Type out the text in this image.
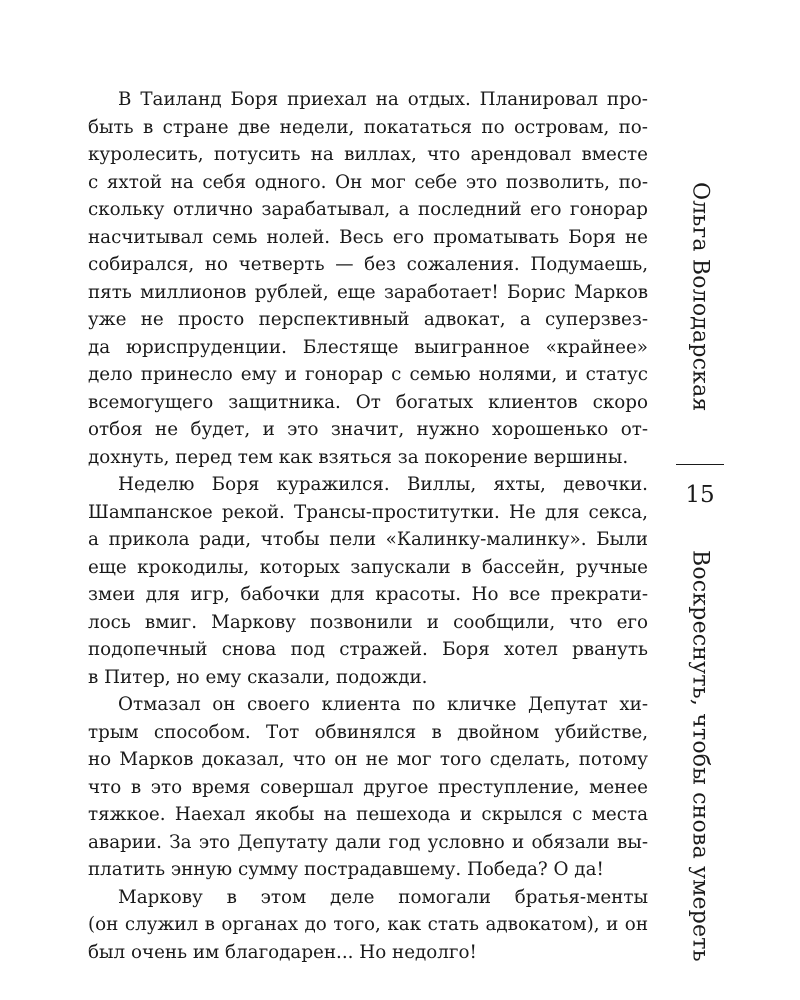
В Таиланд Боря приехал на отдых. Планировал про-
быть в стране две недели, покататься по островам, по-
куролесить, потусить на виллах, что арендовал вместе
с яхтой на себя одного. Он мог себе это позволить, по-
скольку отлично зарабатывал, а последний его гонорар
насчитывал семь нолей. Весь его проматывать Боря не
собирался, но четверть — без сожаления. Подумаешь,
пять миллионов рублей, еще заработает! Борис Марков
уже не просто перспективный адвокат, а суперзвез-
да юриспруденции. Блестяще выигранное «крайнее»
дело принесло ему и гонорар с семью нолями, и статус
всемогущего защитника. От богатых клиентов скоро
отбоя не будет, и это значит, нужно хорошенько от-
дохнуть, перед тем как взяться за покорение вершины.
Неделю Боря куражился. Виллы, яхты, девочки.
Шампанское рекой. Трансы-проститутки. Не для секса,
а прикола ради, чтобы пели «Калинку-малинку». Были
еще крокодилы, которых запускали в бассейн, ручные
змеи для игр, бабочки для красоты. Но все прекрати-
лось вмиг. Маркову позвонили и сообщили, что его
подопечный снова под стражей. Боря хотел рвануть
в Питер, но ему сказали, подожди.
Отмазал он своего клиента по кличке Депутат хи-
трым способом. Тот обвинялся в двойном убийстве,
но Марков доказал, что он не мог того сделать, потому
что в это время совершал другое преступление, менее
тяжкое. Наехал якобы на пешехода и скрылся с места
аварии. За это Депутату дали год условно и обязали вы-
платить энную сумму пострадавшему. Победа? О да!
Маркову в этом деле помогали братья-менты
(он служил в органах до того, как стать адвокатом), и он
был очень им благодарен... Но недолго!
Ольга Володарская
15
Воскреснуть, чтобы снова умереть
